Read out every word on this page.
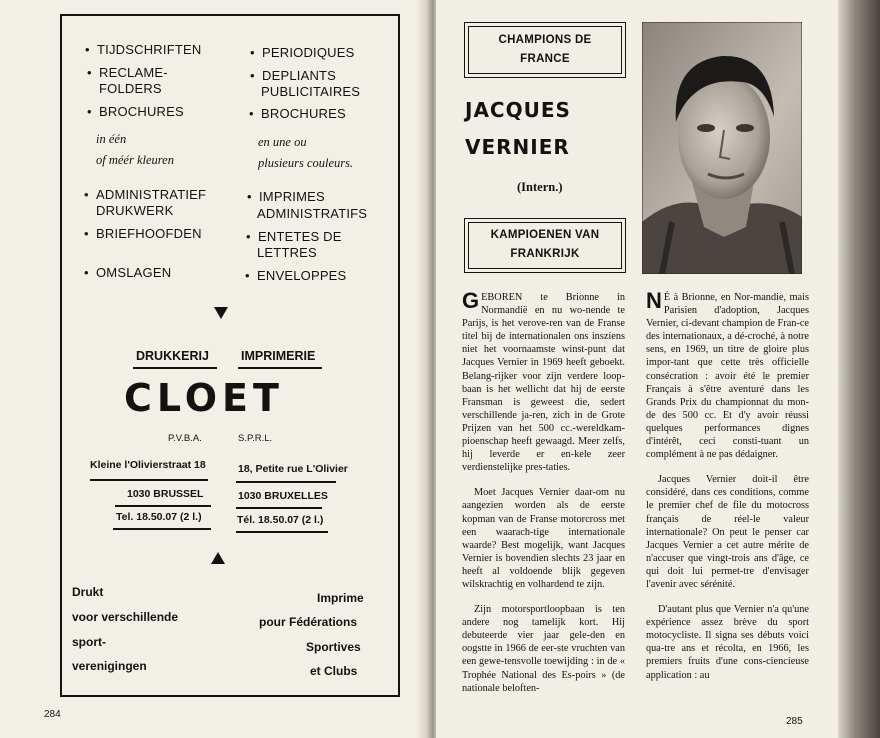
• TIJDSCHRIFTEN
• RECLAME-
FOLDERS
• BROCHURES
in één
of méér kleuren
• ADMINISTRATIEF
DRUKWERK
• BRIEFHOOFDEN
• OMSLAGEN
• PERIODIQUES
• DEPLIANTS
PUBLICITAIRES
• BROCHURES
en une ou
plusieurs couleurs.
• IMPRIMES
ADMINISTRATIFS
• ENTETES DE
LETTRES
• ENVELOPPES
DRUKKERIJ	IMPRIMERIE
CLOET
P.V.B.A.	S.P.R.L.
Kleine l'Olivierstraat 18
1030 BRUSSEL
Tel. 18.50.07 (2 l.)
18, Petite rue L'Olivier
1030 BRUXELLES
Tél. 18.50.07 (2 l.)
Drukt
voor verschillende
sport-
verenigingen
Imprime
pour Fédérations
Sportives
et Clubs
284
CHAMPIONS DE
FRANCE
JACQUES
VERNIER
(Intern.)
KAMPIOENEN VAN
FRANKRIJK

GEBOREN te Brionne in Normandië en nu wo-nende te Parijs, is het verove-ren van de Franse titel bij de internationalen ons inszíens niet het voornaamste winst-punt dat Jacques Vernier in 1969 heeft geboekt. Belang-rijker voor zijn verdere loop-baan is het wellicht dat hij de eerste Fransman is geweest die, sedert verschillende ja-ren, zich in de Grote Prijzen van het 500 cc.-wereldkam-pioenschap heeft gewaagd. Meer zelfs, hij leverde er en-kele zeer verdienstelijke pres-taties.

Moet Jacques Vernier daar-om nu aangezien worden als de eerste kopman van de Franse motorcross met een waarach-tige internationale waarde? Best mogelijk, want Jacques Vernier is bovendien slechts 23 jaar en heeft al voldoende blijk gegeven wilskrachtig en volhardend te zijn.

Zijn motorsportloopbaan is ten andere nog tamelijk kort. Hij debuteerde vier jaar gele-den en oogstte in 1966 de eer-ste vruchten van een gewe-tensvolle toewijding : in de « Trophée National des Es-poirs » (de nationale beloften-

N É à Brionne, en Nor-mandie, mais Parisien d'adoption, Jacques Vernier, ci-devant champion de Fran-ce des internationaux, a dé-croché, à notre sens, en 1969, un titre de gloire plus impor-tant que cette très officielle consécration : avoir été le premier Français à s'être aventuré dans les Grands Prix du championnat du mon-de des 500 cc. Et d'y avoir réussi quelques performances dignes d'intérêt, ceci consti-tuant un complément à ne pas dédaigner.

Jacques Vernier doit-il être considéré, dans ces conditions, comme le premier chef de file du motocross français de réel-le valeur internationale? On peut le penser car Jacques Vernier a cet autre mérite de n'accuser que vingt-trois ans d'âge, ce qui doit lui permet-tre d'envisager l'avenir avec sérénité.

D'autant plus que Vernier n'a qu'une expérience assez brève du sport motocycliste. Il signa ses débuts voici qua-tre ans et récolta, en 1966, les premiers fruits d'une cons-ciencieuse application : au

285
